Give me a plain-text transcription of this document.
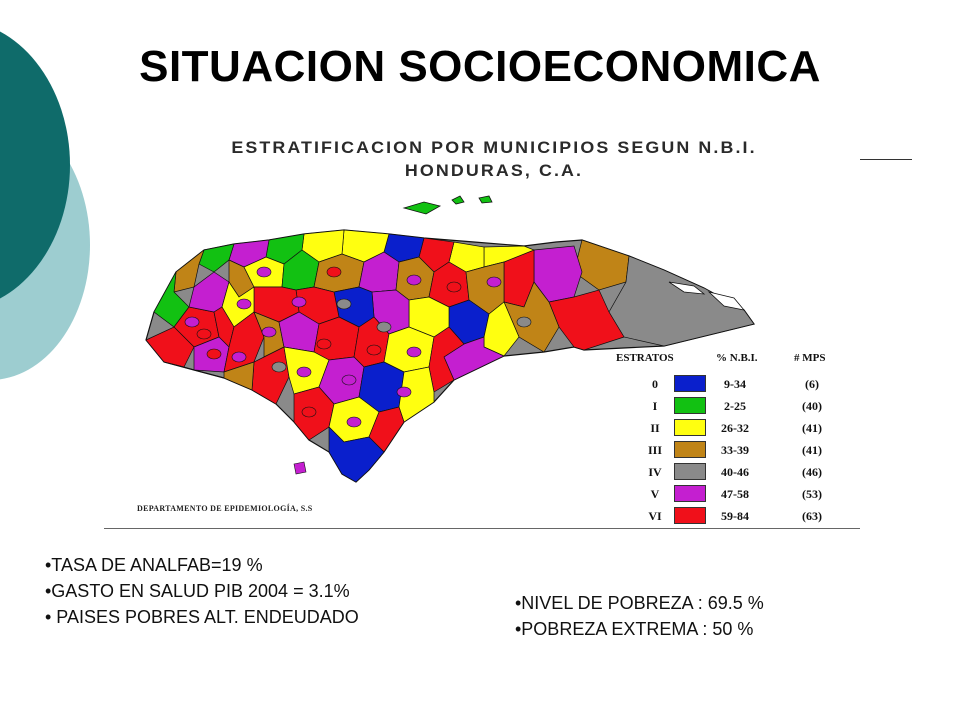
SITUACION SOCIOECONOMICA
ESTRATIFICACION POR MUNICIPIOS SEGUN N.B.I.
HONDURAS, C.A.
ESTRATOS	% N.B.I.	# MPS
0	9-34	(6)
I	2-25	(40)
II	26-32	(41)
III	33-39	(41)
IV	40-46	(46)
V	47-58	(53)
VI	59-84	(63)
DEPARTAMENTO DE EPIDEMIOLOGÍA, S.S
•TASA DE ANALFAB=19 %
•GASTO EN SALUD PIB 2004 = 3.1%
• PAISES POBRES ALT. ENDEUDADO
•NIVEL DE POBREZA : 69.5 %
•POBREZA EXTREMA : 50 %
